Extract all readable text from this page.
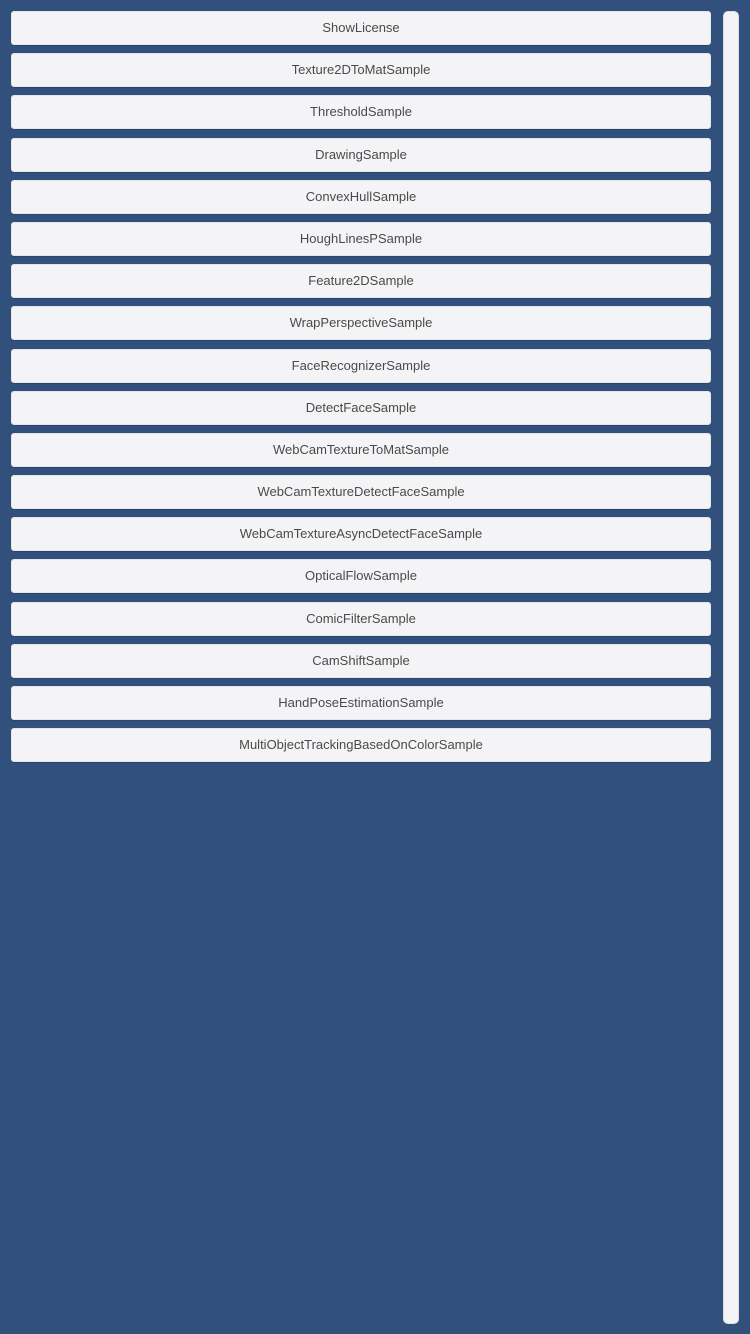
ShowLicense
Texture2DToMatSample
ThresholdSample
DrawingSample
ConvexHullSample
HoughLinesPSample
Feature2DSample
WrapPerspectiveSample
FaceRecognizerSample
DetectFaceSample
WebCamTextureToMatSample
WebCamTextureDetectFaceSample
WebCamTextureAsyncDetectFaceSample
OpticalFlowSample
ComicFilterSample
CamShiftSample
HandPoseEstimationSample
MultiObjectTrackingBasedOnColorSample
